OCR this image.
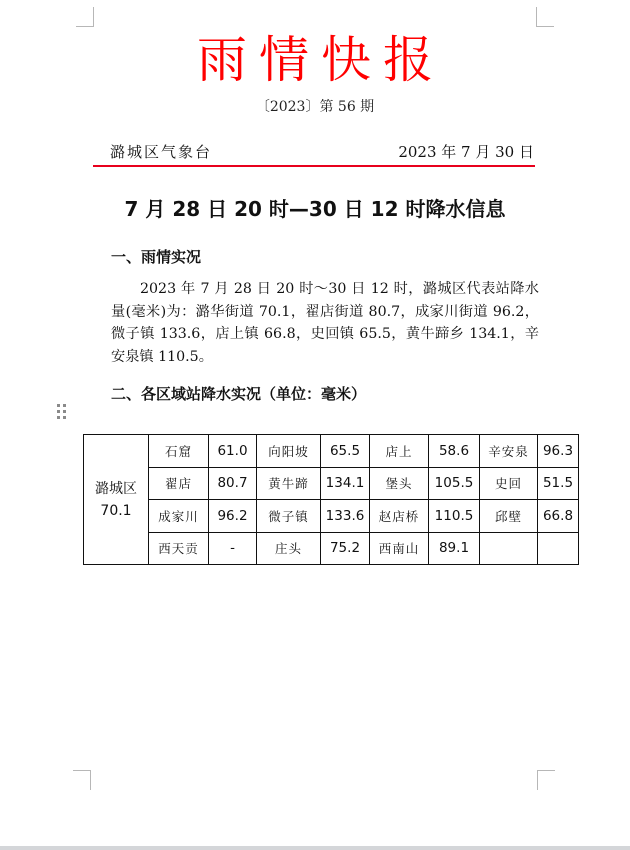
雨情快报
〔2023〕第 56 期
潞城区气象台	2023 年 7 月 30 日
7 月 28 日 20 时—30 日 12 时降水信息
一、雨情实况
2023 年 7 月 28 日 20 时～30 日 12 时，潞城区代表站降水量(毫米)为：潞华街道 70.1，翟店街道 80.7，成家川街道 96.2，微子镇 133.6，店上镇 66.8，史回镇 65.5，黄牛蹄乡 134.1，辛安泉镇 110.5。
二、各区域站降水实况（单位：毫米）
潞城区
70.1	石窟	61.0	向阳坡	65.5	店上	58.6	辛安泉	96.3
	翟店	80.7	黄牛蹄	134.1	堡头	105.5	史回	51.5
	成家川	96.2	微子镇	133.6	赵店桥	110.5	邱壁	66.8
	西天贡	-	庄头	75.2	西南山	89.1		
